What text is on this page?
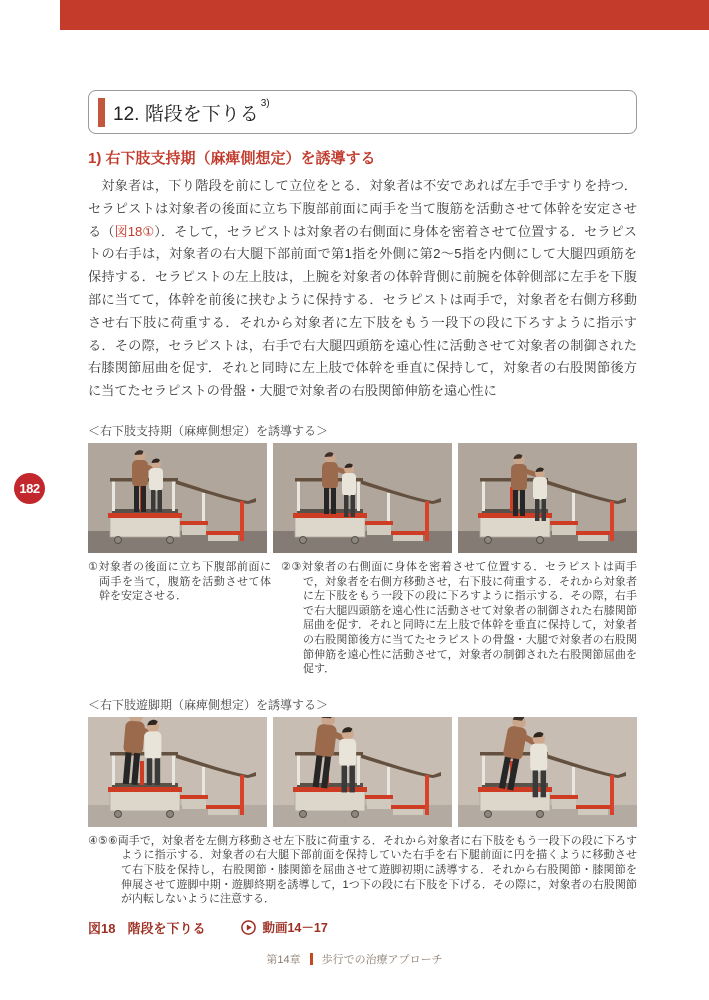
182
12. 階段を下りる 3)
1) 右下肢支持期（麻痺側想定）を誘導する

対象者は，下り階段を前にして立位をとる．対象者は不安であれば左手で手すりを持つ．セラピストは対象者の後面に立ち下腹部前面に両手を当て腹筋を活動させて体幹を安定させる（図18①）．そして，セラピストは対象者の右側面に身体を密着させて位置する．セラピストの右手は，対象者の右大腿下部前面で第1指を外側に第2〜5指を内側にして大腿四頭筋を保持する．セラピストの左上肢は，上腕を対象者の体幹背側に前腕を体幹側部に左手を下腹部に当てて，体幹を前後に挟むように保持する．セラピストは両手で，対象者を右側方移動させ右下肢に荷重する．それから対象者に左下肢をもう一段下の段に下ろすように指示する．その際，セラピストは，右手で右大腿四頭筋を遠心性に活動させて対象者の制御された右膝関節屈曲を促す．それと同時に左上肢で体幹を垂直に保持して，対象者の右股関節後方に当てたセラピストの骨盤・大腿で対象者の右股関節伸筋を遠心性に

＜右下肢支持期（麻痺側想定）を誘導する＞

①対象者の後面に立ち下腹部前面に両手を当て，腹筋を活動させて体幹を安定させる．

②③対象者の右側面に身体を密着させて位置する．セラピストは両手で，対象者を右側方移動させ，右下肢に荷重する．それから対象者に左下肢をもう一段下の段に下ろすように指示する．その際，右手で右大腿四頭筋を遠心性に活動させて対象者の制御された右膝関節屈曲を促す．それと同時に左上肢で体幹を垂直に保持して，対象者の右股関節後方に当てたセラピストの骨盤・大腿で対象者の右股関節伸筋を遠心性に活動させて，対象者の制御された右股関節屈曲を促す．

＜右下肢遊脚期（麻痺側想定）を誘導する＞

④⑤⑥両手で，対象者を左側方移動させ左下肢に荷重する．それから対象者に右下肢をもう一段下の段に下ろすように指示する．対象者の右大腿下部前面を保持していた右手を右下腿前面に円を描くように移動させて右下肢を保持し，右股関節・膝関節を屈曲させて遊脚初期に誘導する．それから右股関節・膝関節を伸展させて遊脚中期・遊脚終期を誘導して，1つ下の段に右下肢を下げる．その際に，対象者の右股関節が内転しないように注意する．

図18 階段を下りる	動画14－17
第14章 歩行での治療アプローチ
